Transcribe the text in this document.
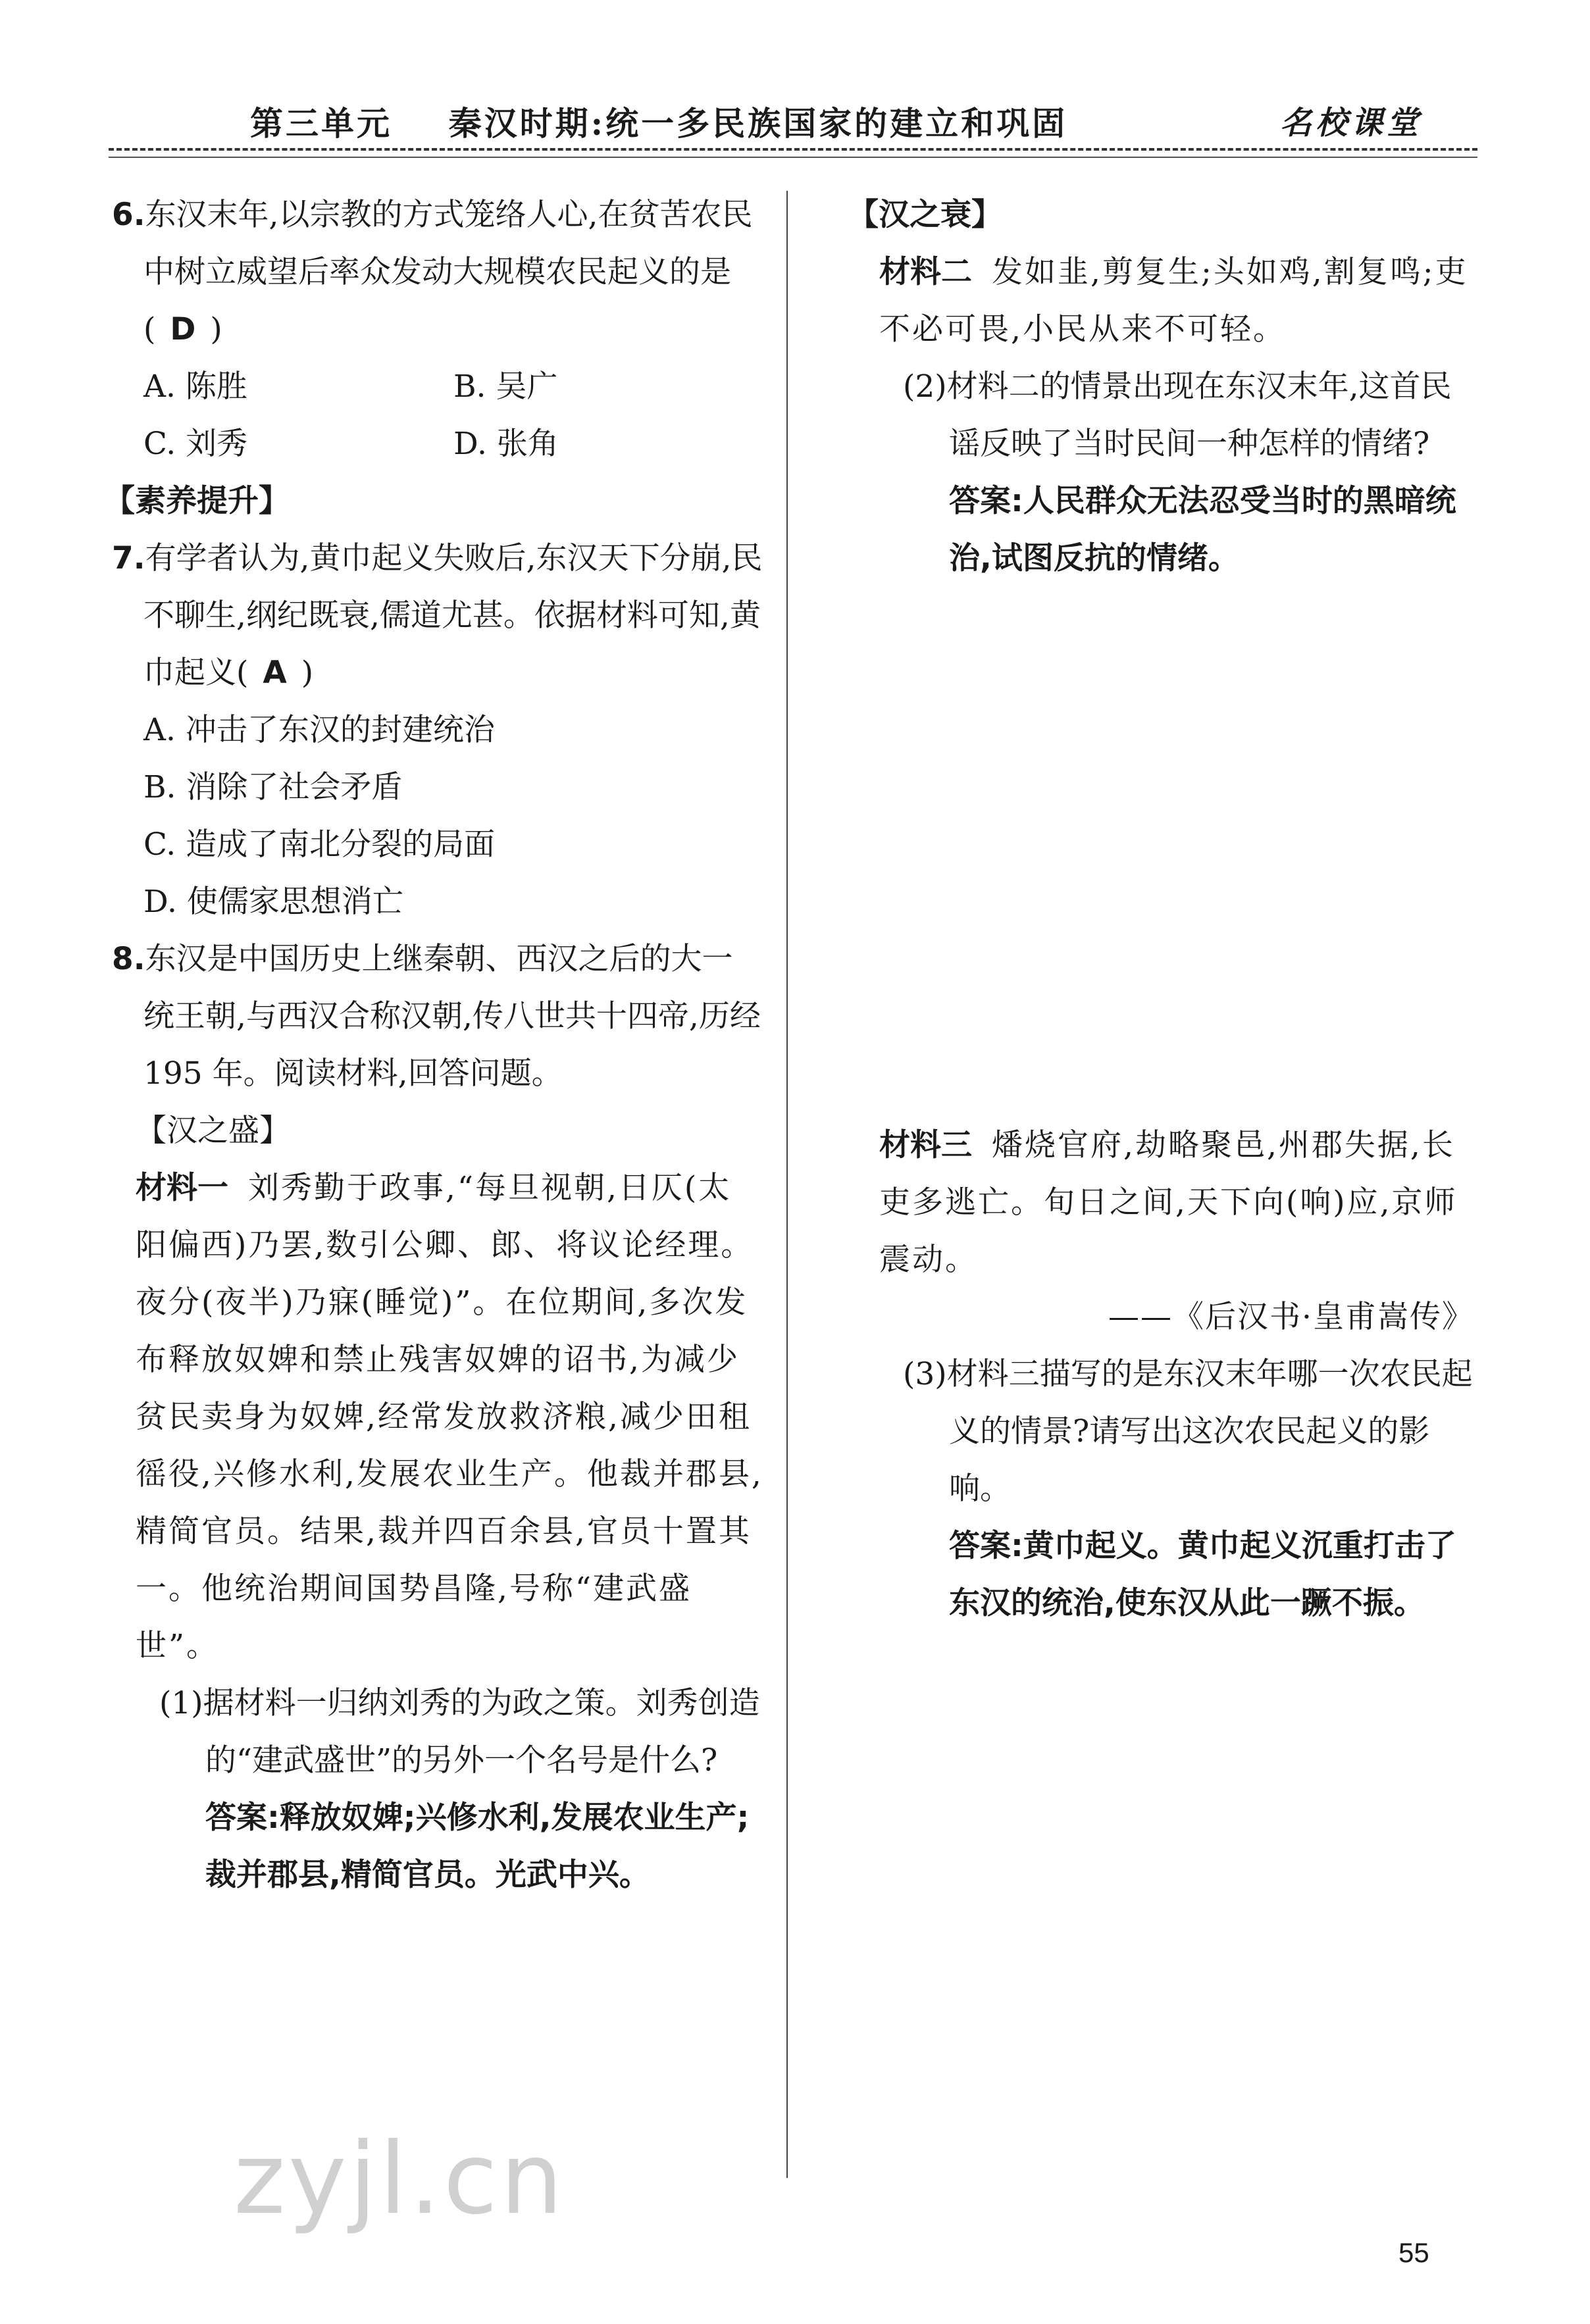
第三单元    秦汉时期:统一多民族国家的建立和巩固	名校课堂

6.东汉末年,以宗教的方式笼络人心,在贫苦农民中树立威望后率众发动大规模农民起义的是( D )

A. 陈胜	B. 吴广
C. 刘秀	D. 张角

【素养提升】

7.有学者认为,黄巾起义失败后,东汉天下分崩,民不聊生,纲纪既衰,儒道尤甚。依据材料可知,黄巾起义( A )

A. 冲击了东汉的封建统治

B. 消除了社会矛盾

C. 造成了南北分裂的局面

D. 使儒家思想消亡

8.东汉是中国历史上继秦朝、西汉之后的大一统王朝,与西汉合称汉朝,传八世共十四帝,历经 195 年。阅读材料,回答问题。

【汉之盛】

材料一 刘秀勤于政事,“每旦视朝,日仄(太阳偏西)乃罢,数引公卿、郎、将议论经理。夜分(夜半)乃寐(睡觉)”。在位期间,多次发布释放奴婢和禁止残害奴婢的诏书,为减少贫民卖身为奴婢,经常发放救济粮,减少田租徭役,兴修水利,发展农业生产。他裁并郡县,精简官员。结果,裁并四百余县,官员十置其一。他统治期间国势昌隆,号称“建武盛世”。

(1)据材料一归纳刘秀的为政之策。刘秀创造的“建武盛世”的另外一个名号是什么?

答案:释放奴婢;兴修水利,发展农业生产;裁并郡县,精简官员。光武中兴。

【汉之衰】

材料二 发如韭,剪复生;头如鸡,割复鸣;吏不必可畏,小民从来不可轻。

(2)材料二的情景出现在东汉末年,这首民谣反映了当时民间一种怎样的情绪?

答案:人民群众无法忍受当时的黑暗统治,试图反抗的情绪。

材料三 燔烧官府,劫略聚邑,州郡失据,长吏多逃亡。旬日之间,天下向(响)应,京师震动。

——《后汉书·皇甫嵩传》

(3)材料三描写的是东汉末年哪一次农民起义的情景?请写出这次农民起义的影响。

答案:黄巾起义。黄巾起义沉重打击了东汉的统治,使东汉从此一蹶不振。

zyjl.cn
55
